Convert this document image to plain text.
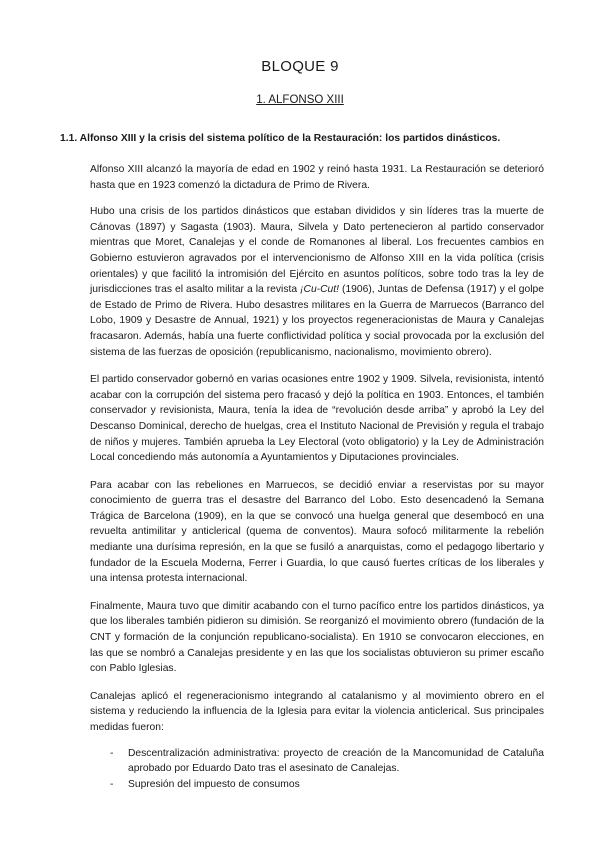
BLOQUE 9
1. ALFONSO XIII
1.1. Alfonso XIII y la crisis del sistema político de la Restauración: los partidos dinásticos.

Alfonso XIII alcanzó la mayoría de edad en 1902 y reinó hasta 1931. La Restauración se deterioró hasta que en 1923 comenzó la dictadura de Primo de Rivera.

Hubo una crisis de los partidos dinásticos que estaban divididos y sin líderes tras la muerte de Cánovas (1897) y Sagasta (1903). Maura, Silvela y Dato pertenecieron al partido conservador mientras que Moret, Canalejas y el conde de Romanones al liberal. Los frecuentes cambios en Gobierno estuvieron agravados por el intervencionismo de Alfonso XIII en la vida política (crisis orientales) y que facilitó la intromisión del Ejército en asuntos políticos, sobre todo tras la ley de jurisdicciones tras el asalto militar a la revista ¡Cu-Cut! (1906), Juntas de Defensa (1917) y el golpe de Estado de Primo de Rivera. Hubo desastres militares en la Guerra de Marruecos (Barranco del Lobo, 1909 y Desastre de Annual, 1921) y los proyectos regeneracionistas de Maura y Canalejas fracasaron. Además, había una fuerte conflictividad política y social provocada por la exclusión del sistema de las fuerzas de oposición (republicanismo, nacionalismo, movimiento obrero).

El partido conservador gobernó en varias ocasiones entre 1902 y 1909. Silvela, revisionista, intentó acabar con la corrupción del sistema pero fracasó y dejó la política en 1903. Entonces, el también conservador y revisionista, Maura, tenía la idea de “revolución desde arriba” y aprobó la Ley del Descanso Dominical, derecho de huelgas, crea el Instituto Nacional de Previsión y regula el trabajo de niños y mujeres. También aprueba la Ley Electoral (voto obligatorio) y la Ley de Administración Local concediendo más autonomía a Ayuntamientos y Diputaciones provinciales.

Para acabar con las rebeliones en Marruecos, se decidió enviar a reservistas por su mayor conocimiento de guerra tras el desastre del Barranco del Lobo. Esto desencadenó la Semana Trágica de Barcelona (1909), en la que se convocó una huelga general que desembocó en una revuelta antimilitar y anticlerical (quema de conventos). Maura sofocó militarmente la rebelión mediante una durísima represión, en la que se fusiló a anarquistas, como el pedagogo libertario y fundador de la Escuela Moderna, Ferrer i Guardia, lo que causó fuertes críticas de los liberales y una intensa protesta internacional.

Finalmente, Maura tuvo que dimitir acabando con el turno pacífico entre los partidos dinásticos, ya que los liberales también pidieron su dimisión. Se reorganizó el movimiento obrero (fundación de la CNT y formación de la conjunción republicano-socialista). En 1910 se convocaron elecciones, en las que se nombró a Canalejas presidente y en las que los socialistas obtuvieron su primer escaño con Pablo Iglesias.

Canalejas aplicó el regeneracionismo integrando al catalanismo y al movimiento obrero en el sistema y reduciendo la influencia de la Iglesia para evitar la violencia anticlerical. Sus principales medidas fueron:

- Descentralización administrativa: proyecto de creación de la Mancomunidad de Cataluña aprobado por Eduardo Dato tras el asesinato de Canalejas.
- Supresión del impuesto de consumos
